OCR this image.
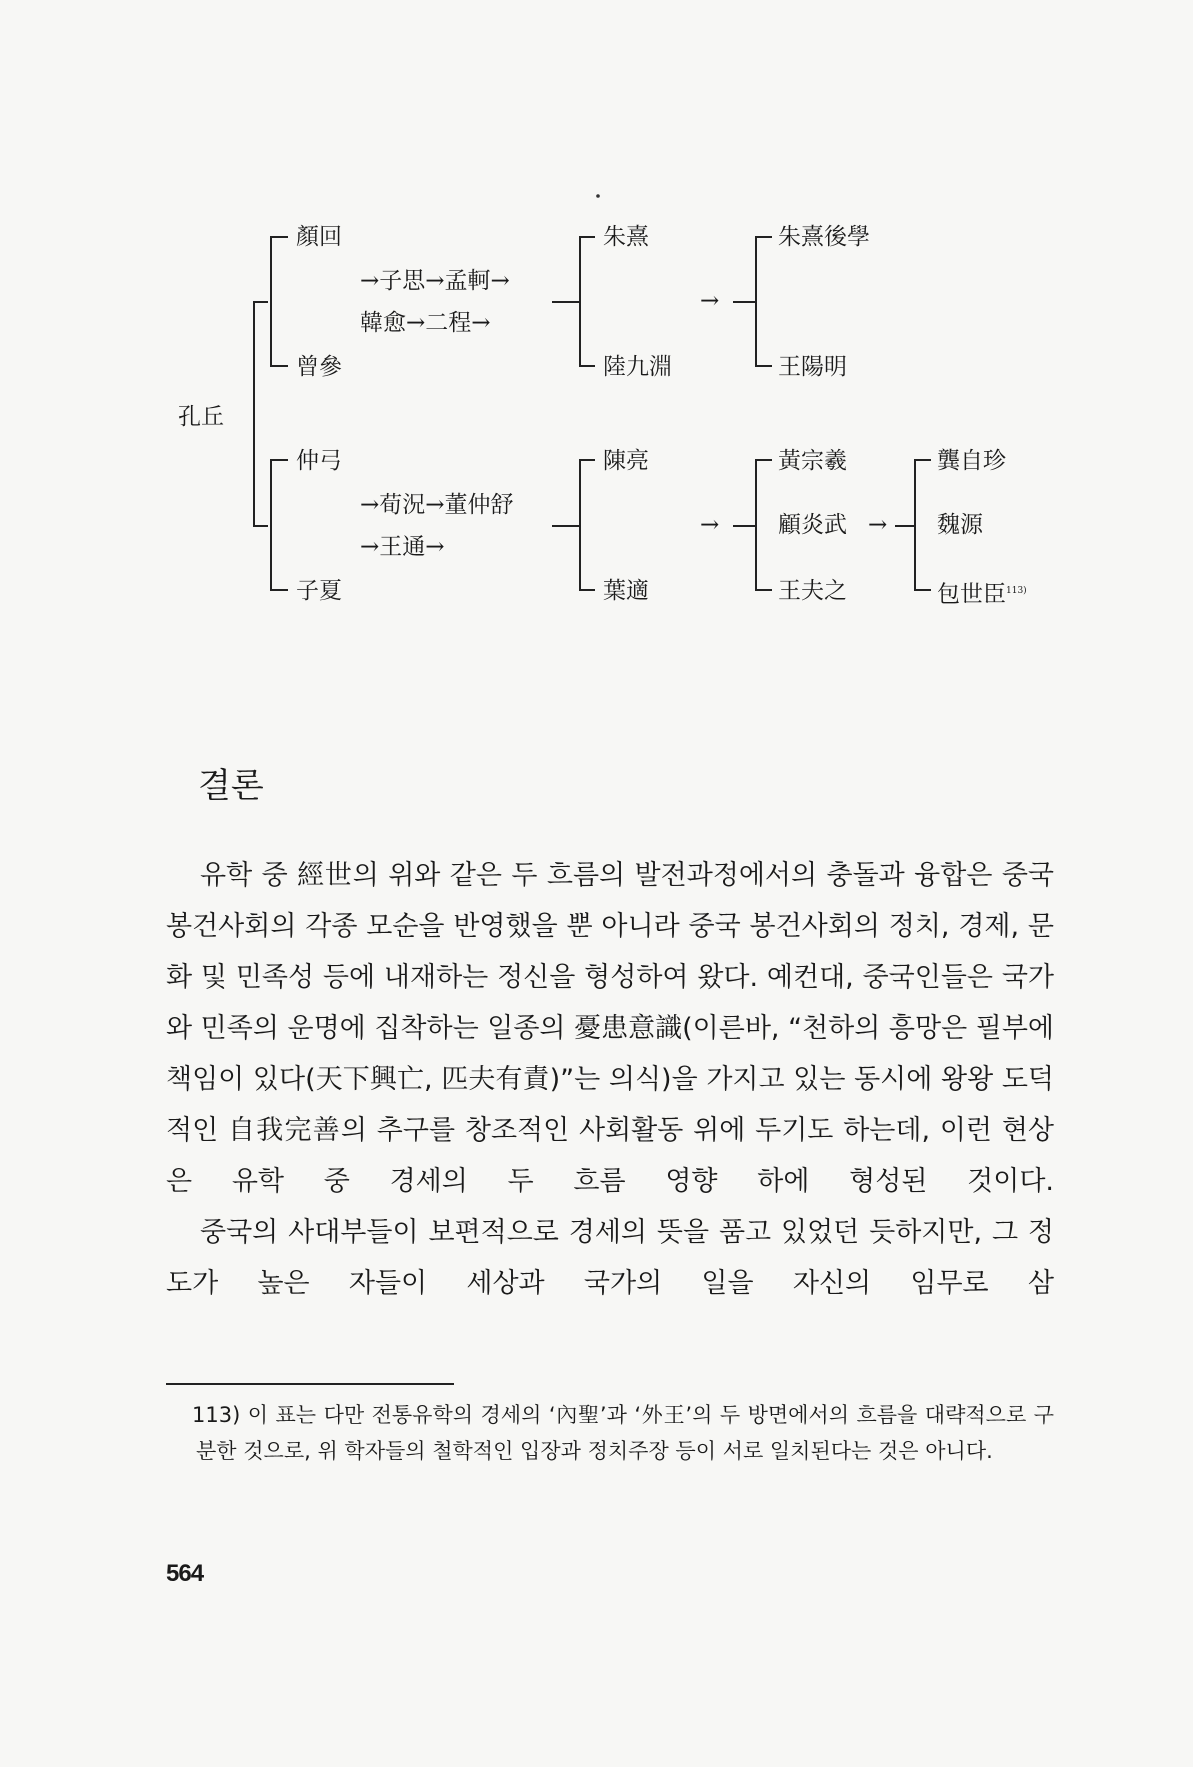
孔丘
顏回
曾參
→子思→孟軻→
韓愈→二程→
朱熹
陸九淵
→
朱熹後學
王陽明
仲弓
子夏
→荀況→董仲舒
→王通→
陳亮
葉適
→
黃宗羲
顧炎武
王夫之
→
龔自珍
魏源
包世臣$^{113)}$
결론

유학 중 經世의 위와 같은 두 흐름의 발전과정에서의 충돌과 융합은 중국 봉건사회의 각종 모순을 반영했을 뿐 아니라 중국 봉건사회의 정치, 경제, 문화 및 민족성 등에 내재하는 정신을 형성하여 왔다. 예컨대, 중국인들은 국가와 민족의 운명에 집착하는 일종의 憂患意識(이른바, “천하의 흥망은 필부에 책임이 있다(天下興亡, 匹夫有責)”는 의식)을 가지고 있는 동시에 왕왕 도덕적인 自我完善의 추구를 창조적인 사회활동 위에 두기도 하는데, 이런 현상은 유학 중 경세의 두 흐름 영향 하에 형성된 것이다.

중국의 사대부들이 보편적으로 경세의 뜻을 품고 있었던 듯하지만, 그 정도가 높은 자들이 세상과 국가의 일을 자신의 임무로 삼

113) 이 표는 다만 전통유학의 경세의 ‘內聖’과 ‘外王’의 두 방면에서의 흐름을 대략적으로 구분한 것으로, 위 학자들의 철학적인 입장과 정치주장 등이 서로 일치된다는 것은 아니다.

564
